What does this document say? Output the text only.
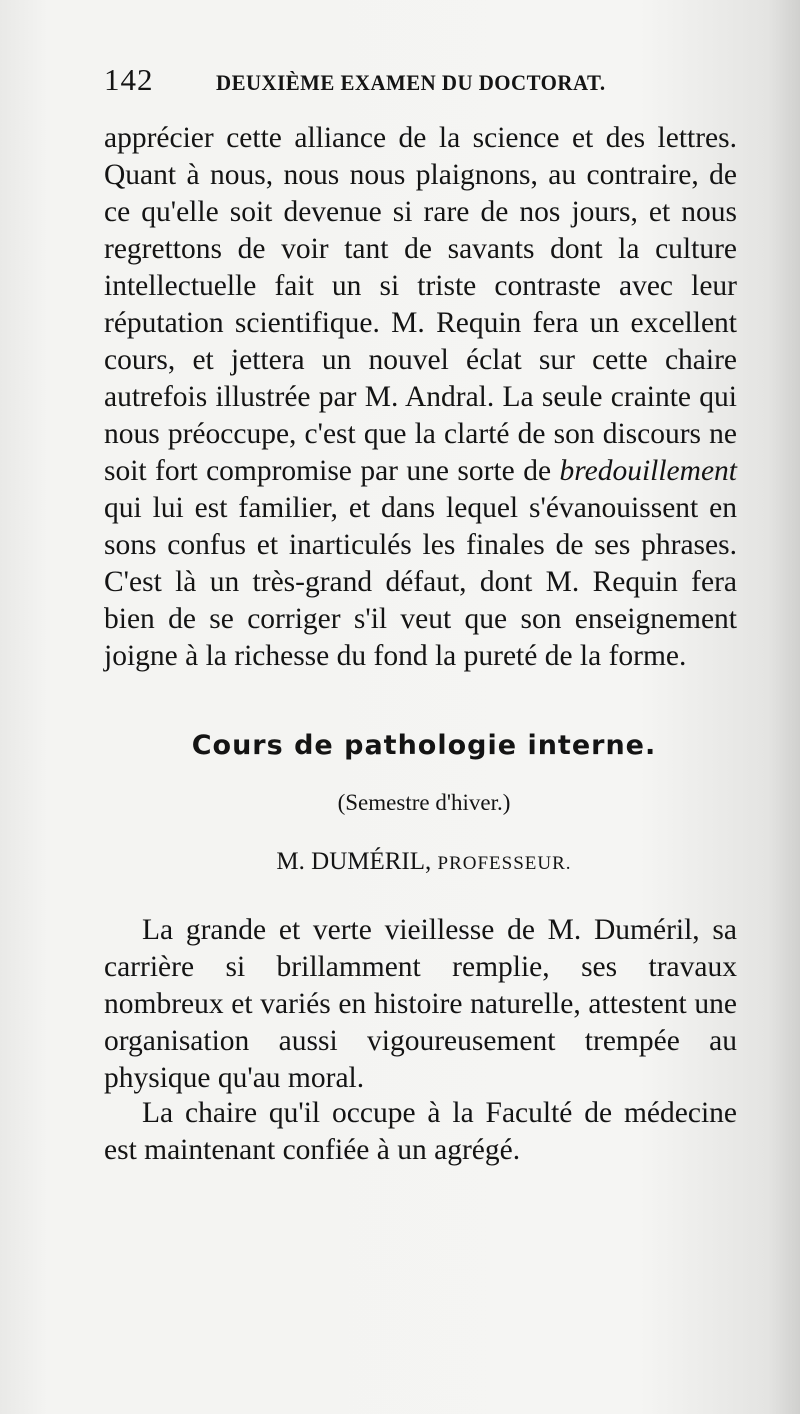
142	DEUXIÈME EXAMEN DU DOCTORAT.

apprécier cette alliance de la science et des lettres. Quant à nous, nous nous plaignons, au contraire, de ce qu'elle soit devenue si rare de nos jours, et nous regrettons de voir tant de savants dont la culture intellectuelle fait un si triste contraste avec leur réputation scientifique. M. Requin fera un excellent cours, et jettera un nouvel éclat sur cette chaire autrefois illustrée par M. Andral. La seule crainte qui nous préoccupe, c'est que la clarté de son discours ne soit fort compromise par une sorte de bredouillement qui lui est familier, et dans lequel s'évanouissent en sons confus et inarticulés les finales de ses phrases. C'est là un très-grand défaut, dont M. Requin fera bien de se corriger s'il veut que son enseignement joigne à la richesse du fond la pureté de la forme.

Cours de pathologie interne.
(Semestre d'hiver.)
M. DUMÉRIL, PROFESSEUR.

La grande et verte vieillesse de M. Duméril, sa carrière si brillamment remplie, ses travaux nombreux et variés en histoire naturelle, attestent une organisation aussi vigoureusement trempée au physique qu'au moral.

La chaire qu'il occupe à la Faculté de médecine est maintenant confiée à un agrégé.
